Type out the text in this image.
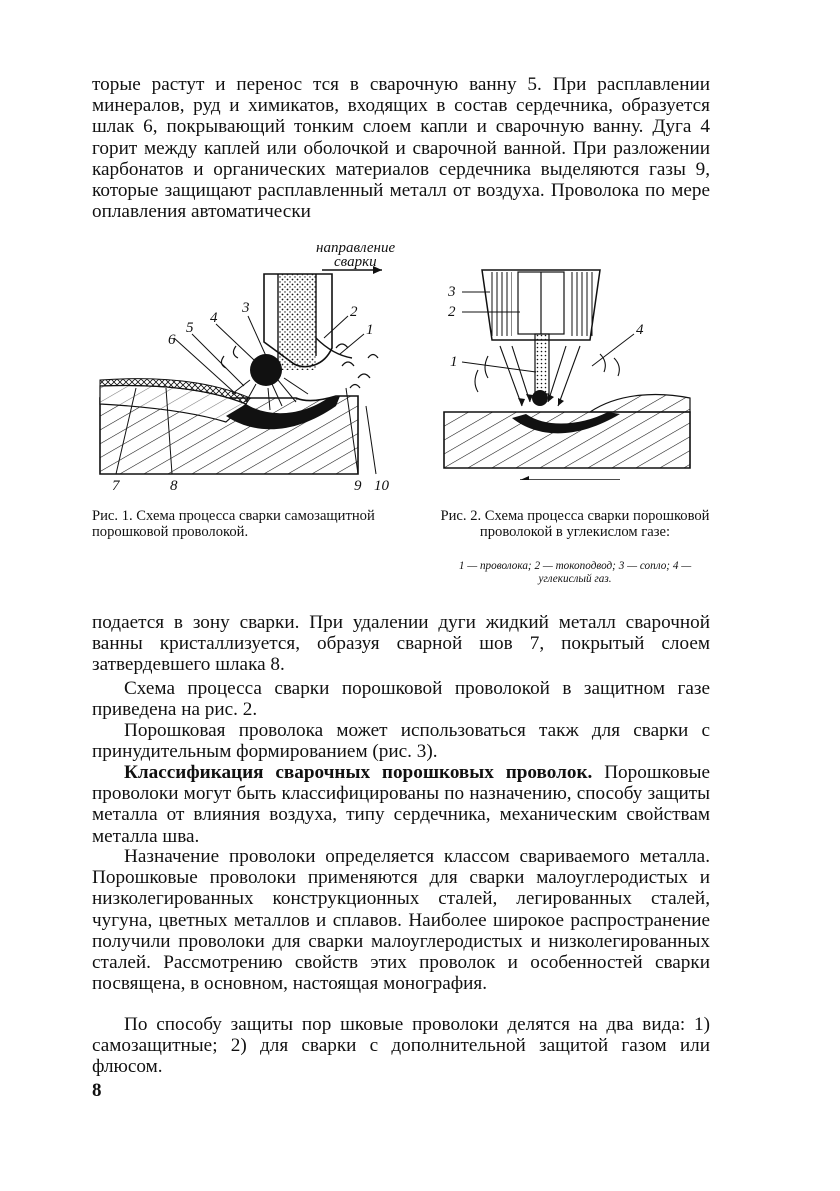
торые растут и перенос тся в сварочную ванну 5. При расплавлении минералов, руд и химикатов, входящих в состав сердечника, образуется шлак 6, покрывающий тонким слоем капли и сварочную ванну. Дуга 4 горит между каплей или оболочкой и сварочной ванной. При разложении карбонатов и органических материалов сердечника выделяются газы 9, которые защищают расплавленный металл от воздуха. Проволока по мере оплавления автоматически

направление
сварки
6
5
4
3	2
1
7	8	9 10

Рис. 1. Схема процесса сварки самозащитной порошковой проволокой.

3
2
1
4

Рис. 2. Схема процесса сварки порошковой проволокой в углекислом газе:

1 — проволока; 2 — токоподвод; 3 — сопло; 4 — углекислый газ.

подается в зону сварки. При удалении дуги жидкий металл сварочной ванны кристаллизуется, образуя сварной шов 7, покрытый слоем затвердевшего шлака 8.

Схема процесса сварки порошковой проволокой в защитном газе приведена на рис. 2.

Порошковая проволока может использоваться такж для сварки с принудительным формированием (рис. 3).

Классификация сварочных порошковых проволок. Порошковые проволоки могут быть классифицированы по назначению, способу защиты металла от влияния воздуха, типу сердечника, механическим свойствам металла шва.

Назначение проволоки определяется классом свариваемого металла. Порошковые проволоки применяются для сварки малоуглеродистых и низколегированных конструкционных сталей, легированных сталей, чугуна, цветных металлов и сплавов. Наиболее широкое распространение получили проволоки для сварки малоуглеродистых и низколегированных сталей. Рассмотрению свойств этих проволок и особенностей сварки посвящена, в основном, настоящая монография.

По способу защиты пор шковые проволоки делятся на два вида: 1) самозащитные; 2) для сварки с дополнительной защитой газом или флюсом.

8
